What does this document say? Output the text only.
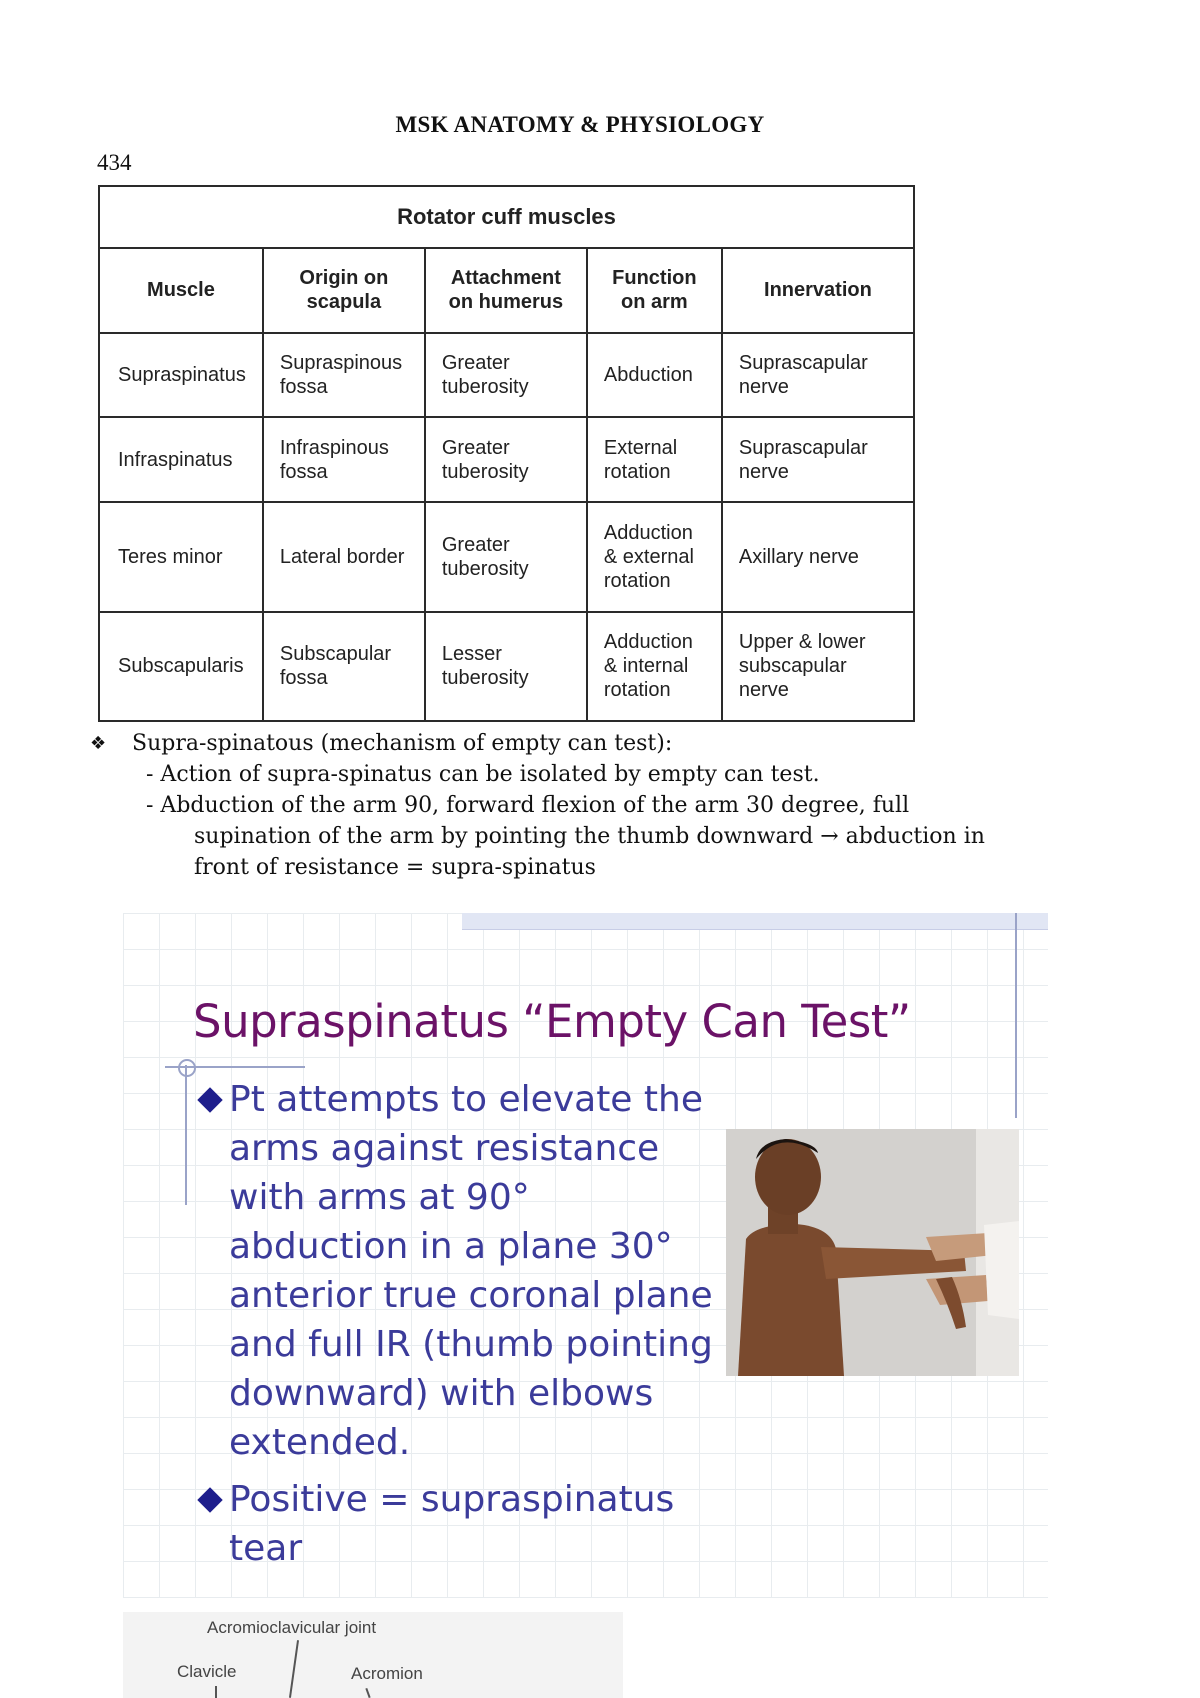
MSK ANATOMY & PHYSIOLOGY
434
Rotator cuff muscles				
Muscle	Origin on scapula	Attachment on humerus	Function on arm	Innervation
Supraspinatus	Supraspinous fossa	Greater tuberosity	Abduction	Suprascapular nerve
Infraspinatus	Infraspinous fossa	Greater tuberosity	External rotation	Suprascapular nerve
Teres minor	Lateral border	Greater tuberosity	Adduction & external rotation	Axillary nerve
Subscapularis	Subscapular fossa	Lesser tuberosity	Adduction & internal rotation	Upper & lower subscapular nerve
❖ Supra-spinatous (mechanism of empty can test):
- Action of supra-spinatus can be isolated by empty can test.
- Abduction of the arm 90, forward flexion of the arm 30 degree, full
supination of the arm by pointing the thumb downward → abduction in
front of resistance = supra-spinatus
Supraspinatus “Empty Can Test”
Pt attempts to elevate the arms against resistance with arms at 90° abduction in a plane 30° anterior true coronal plane and full IR (thumb pointing downward) with elbows extended.
Positive = supraspinatus tear
Acromioclavicular joint
Clavicle	Acromion
